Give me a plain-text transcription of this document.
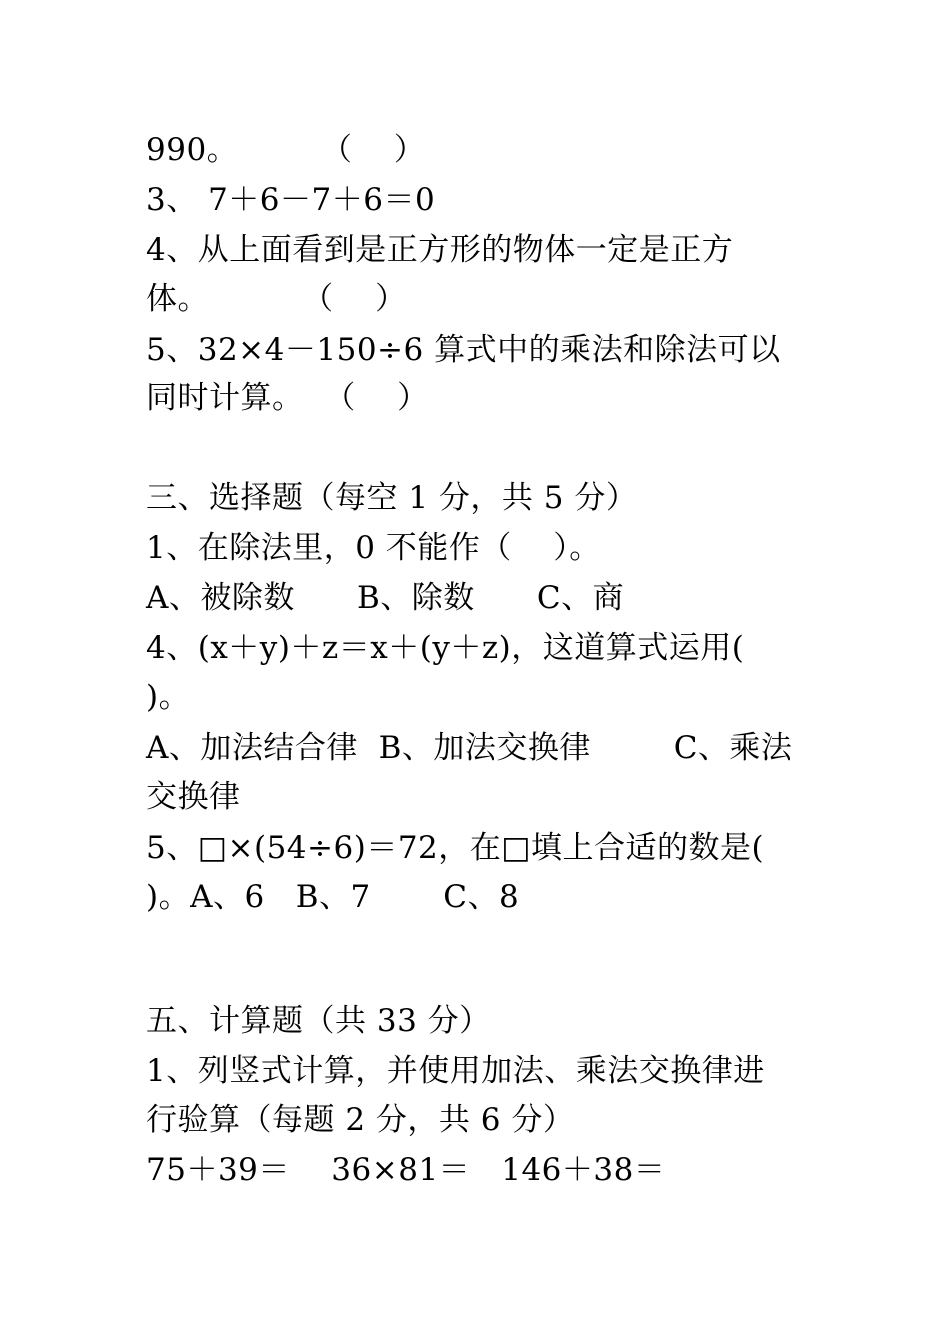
990。        （    ）
3、 7＋6－7＋6＝0
4、从上面看到是正方形的物体一定是正方
体。         （    ）
5、32×4－150÷6 算式中的乘法和除法可以
同时计算。  （    ）
三、选择题（每空 1 分，共 5 分）
1、在除法里，0 不能作（    ）。
A、被除数      B、除数      C、商
4、(x＋y)＋z＝x＋(y＋z)，这道算式运用(
)。
A、加法结合律  B、加法交换律        C、乘法
交换律
5、□×(54÷6)＝72，在□填上合适的数是(
)。A、6   B、7       C、8
五、计算题（共 33 分）
1、列竖式计算，并使用加法、乘法交换律进
行验算（每题 2 分，共 6 分）
75＋39＝    36×81＝   146＋38＝
